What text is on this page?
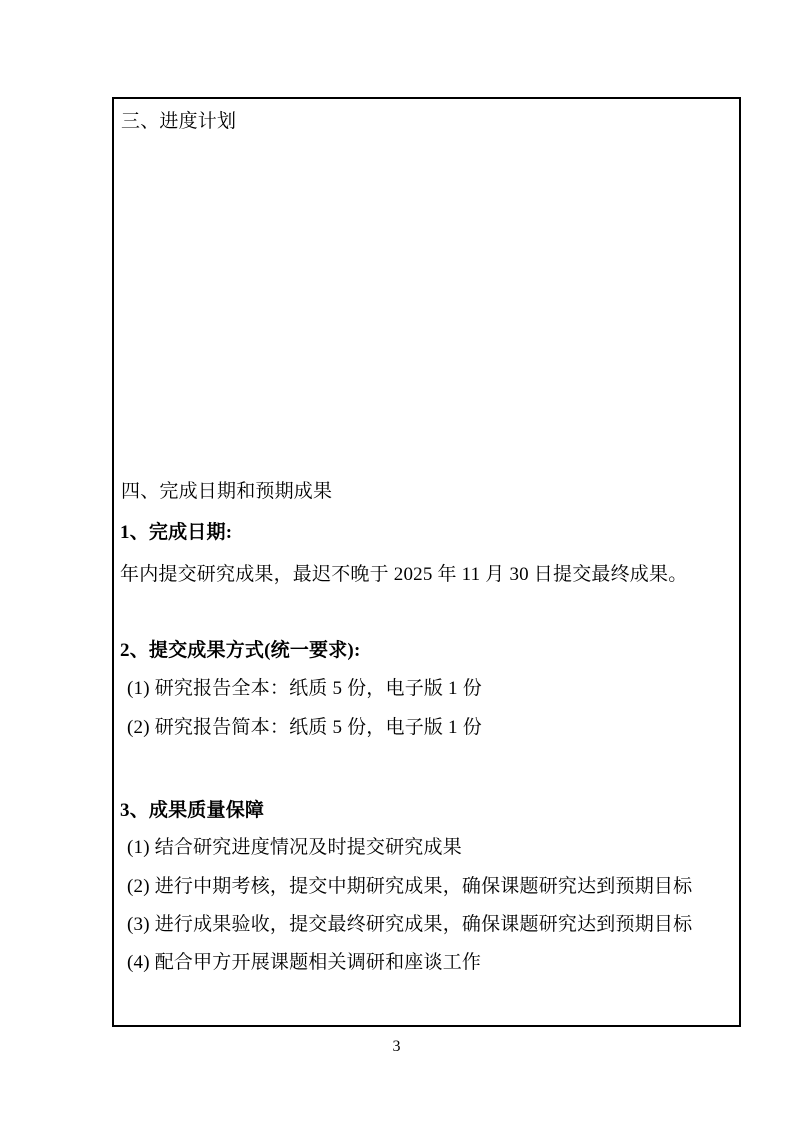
三、进度计划
四、完成日期和预期成果
1、完成日期:
年内提交研究成果，最迟不晚于 2025 年 11 月 30 日提交最终成果。
2、提交成果方式(统一要求):
(1) 研究报告全本：纸质 5 份，电子版 1 份
(2) 研究报告简本：纸质 5 份，电子版 1 份
3、成果质量保障
(1) 结合研究进度情况及时提交研究成果
(2) 进行中期考核，提交中期研究成果，确保课题研究达到预期目标
(3) 进行成果验收，提交最终研究成果，确保课题研究达到预期目标
(4) 配合甲方开展课题相关调研和座谈工作
3
